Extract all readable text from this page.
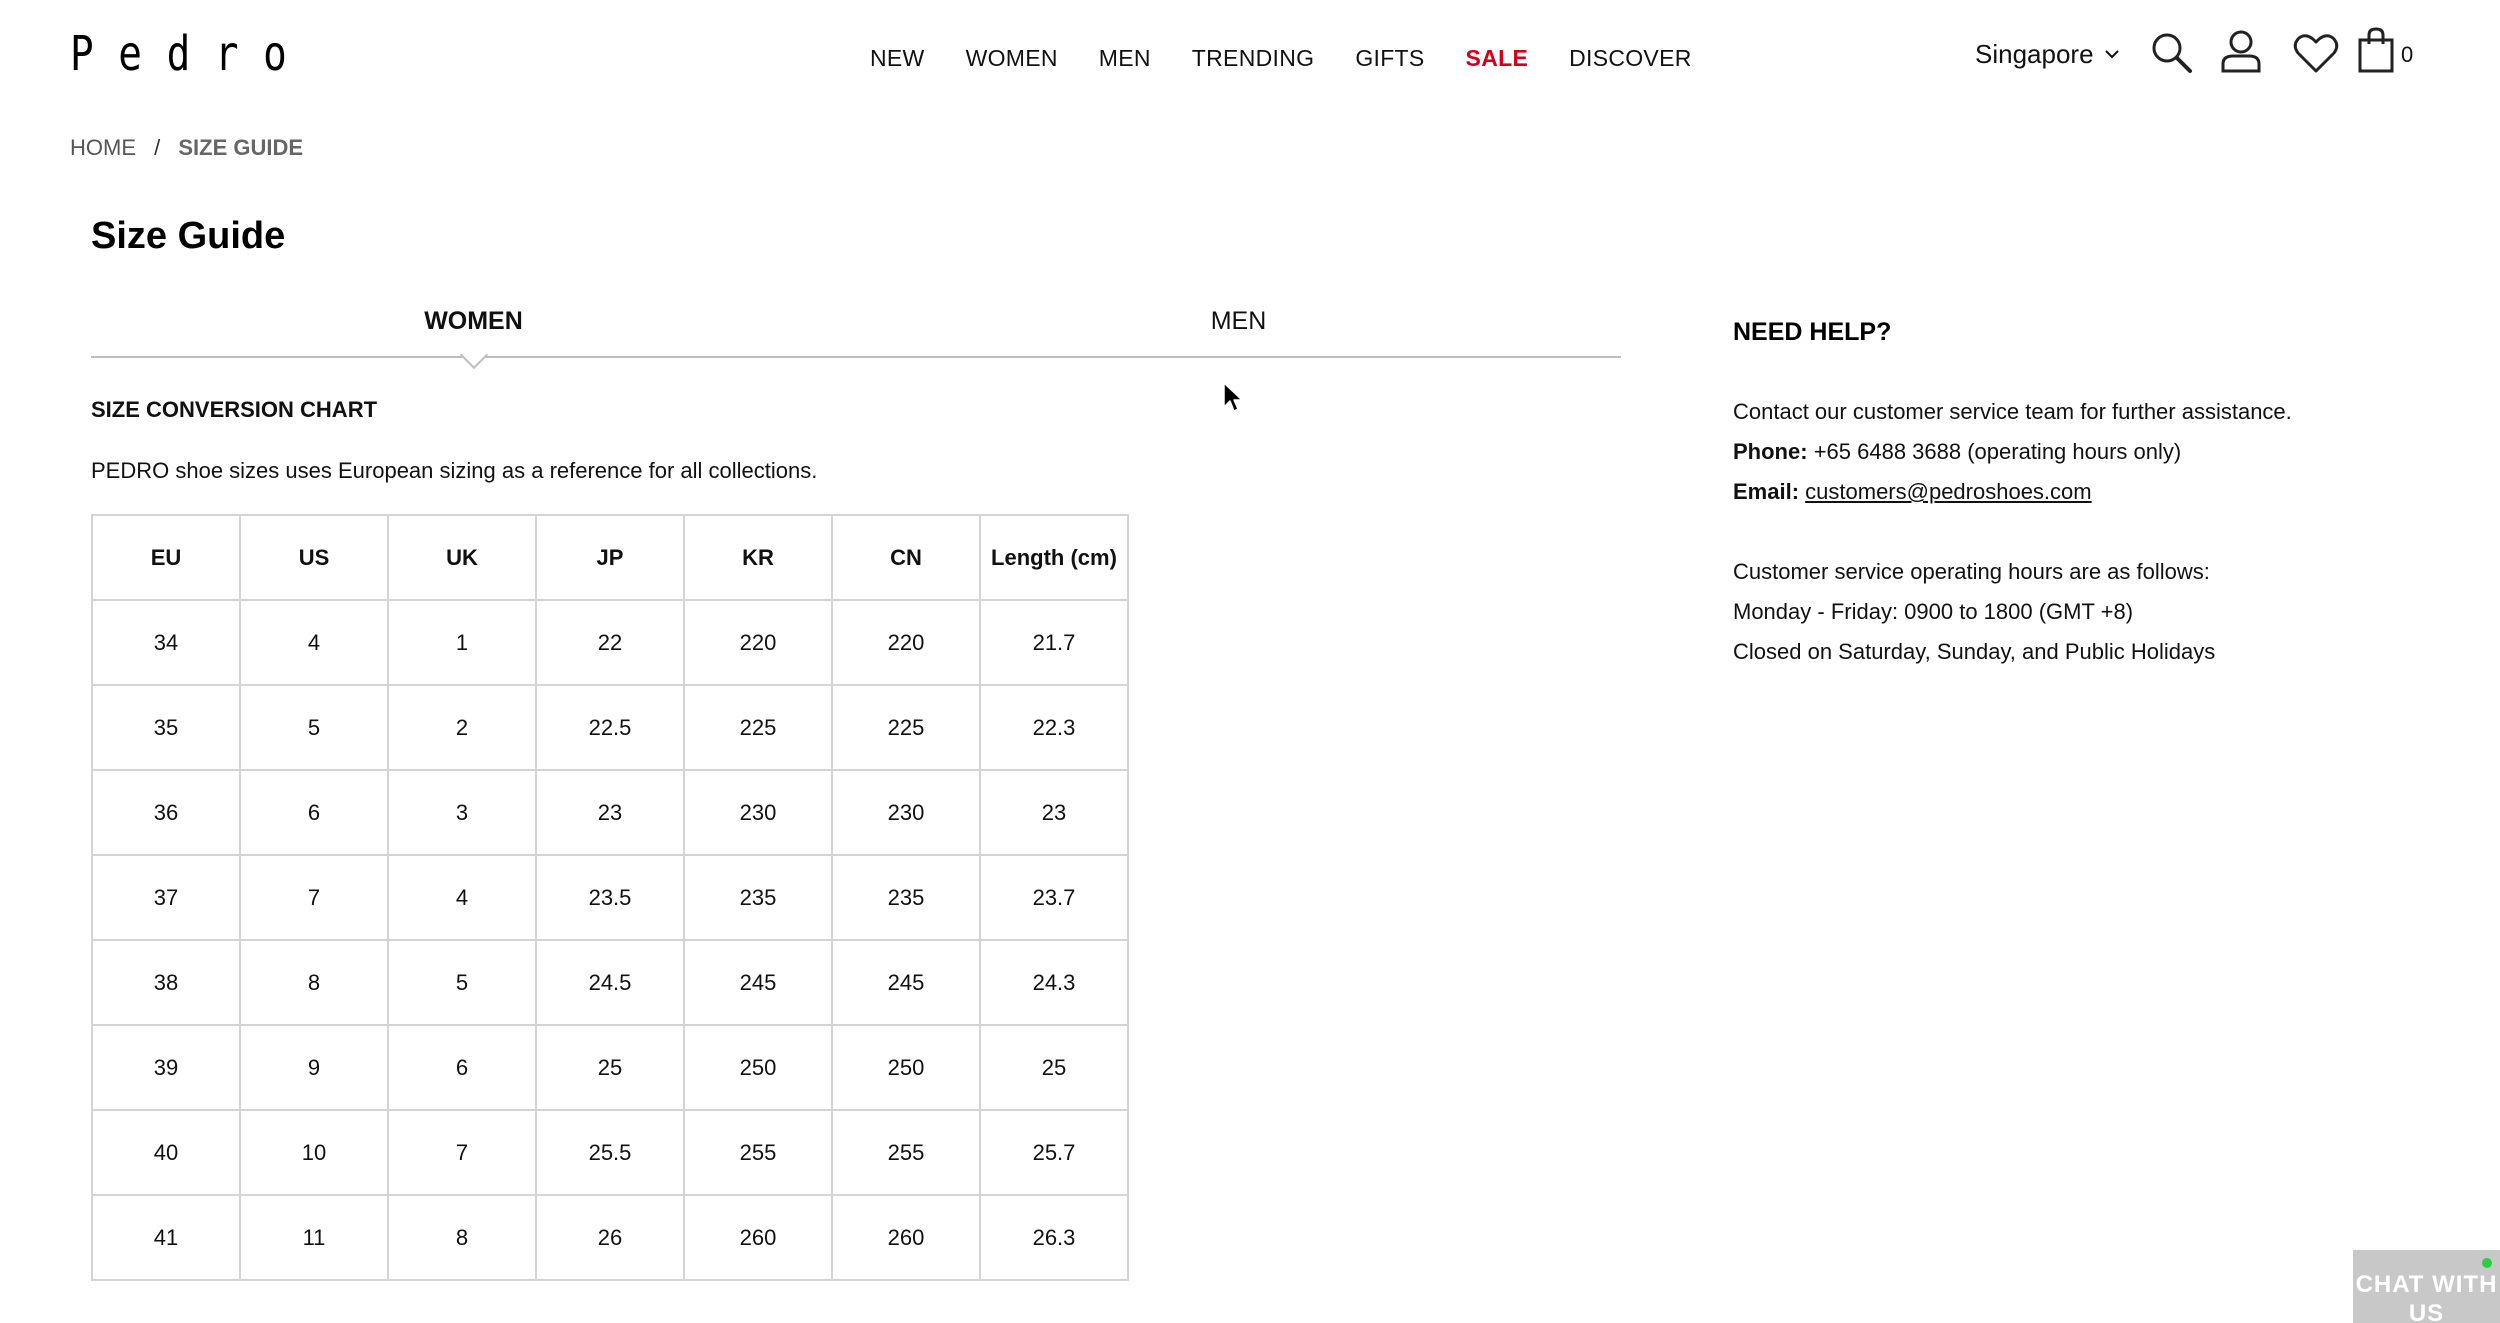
Pedro	NEW WOMEN MEN TRENDING GIFTS SALE DISCOVER	Singapore	0
HOME / SIZE GUIDE
Size Guide
WOMEN	MEN
SIZE CONVERSION CHART

PEDRO shoe sizes uses European sizing as a reference for all collections.

EU	US	UK	JP	KR	CN	Length (cm)
34	4	1	22	220	220	21.7
35	5	2	22.5	225	225	22.3
36	6	3	23	230	230	23
37	7	4	23.5	235	235	23.7
38	8	5	24.5	245	245	24.3
39	9	6	25	250	250	25
40	10	7	25.5	255	255	25.7
41	11	8	26	260	260	26.3
NEED HELP?

Contact our customer service team for further assistance.

Phone: +65 6488 3688 (operating hours only)

Email: customers@pedroshoes.com

Customer service operating hours are as follows:

Monday - Friday: 0900 to 1800 (GMT +8)

Closed on Saturday, Sunday, and Public Holidays

CHAT WITH US
